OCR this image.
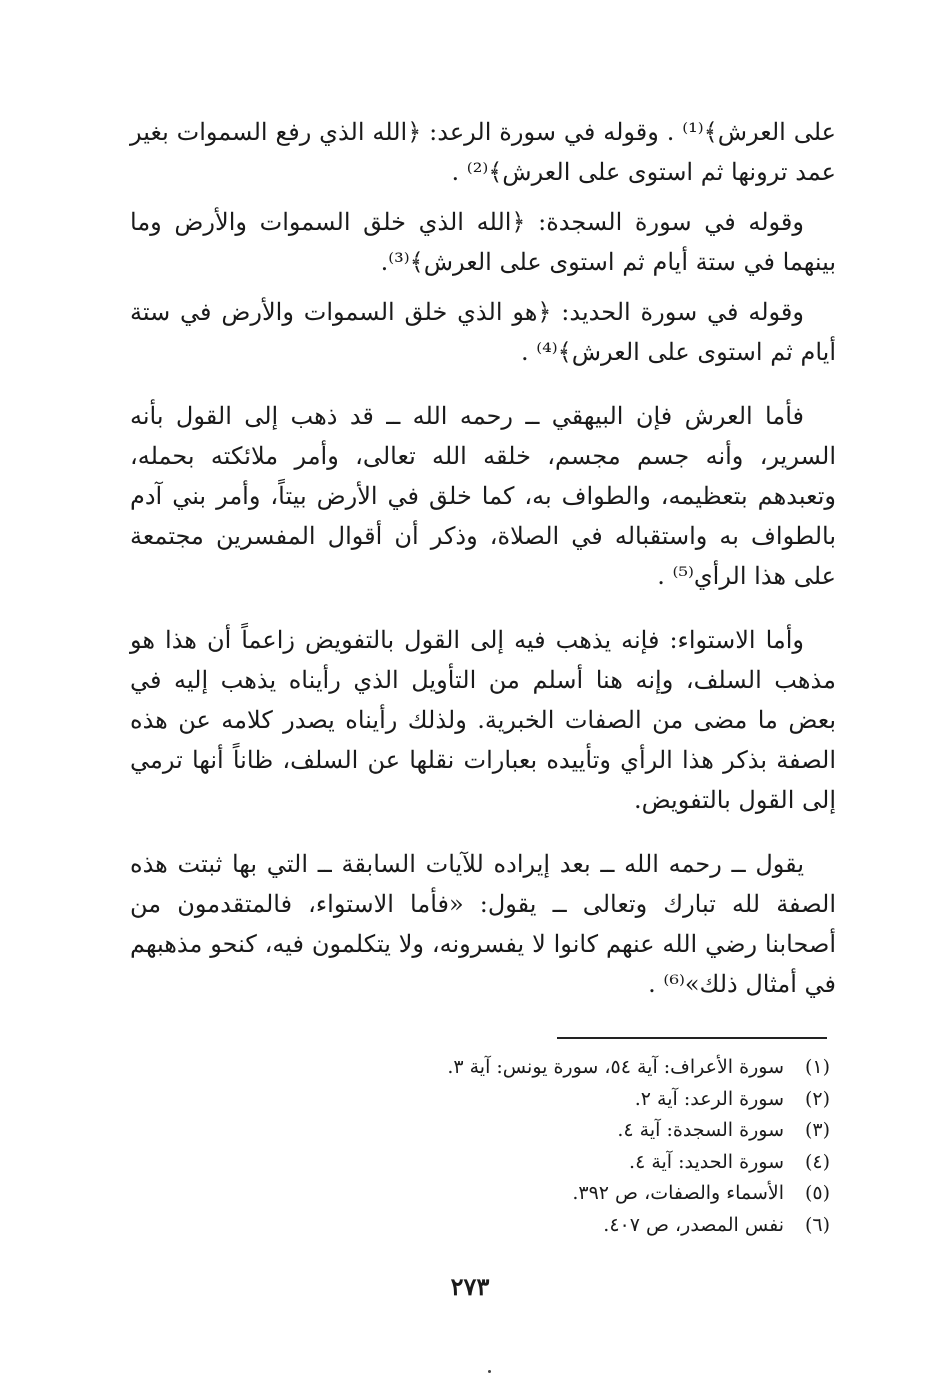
على العرش﴾⁽¹⁾ . وقوله في سورة الرعد: ﴿الله الذي رفع السموات بغير عمد ترونها ثم استوى على العرش﴾⁽²⁾ .

وقوله في سورة السجدة: ﴿الله الذي خلق السموات والأرض وما بينهما في ستة أيام ثم استوى على العرش﴾⁽³⁾.

وقوله في سورة الحديد: ﴿هو الذي خلق السموات والأرض في ستة أيام ثم استوى على العرش﴾⁽⁴⁾ .

فأما العرش فإن البيهقي ــ رحمه الله ــ قد ذهب إلى القول بأنه السرير، وأنه جسم مجسم، خلقه الله تعالى، وأمر ملائكته بحمله، وتعبدهم بتعظيمه، والطواف به، كما خلق في الأرض بيتاً، وأمر بني آدم بالطواف به واستقباله في الصلاة، وذكر أن أقوال المفسرين مجتمعة على هذا الرأي⁽⁵⁾ .

وأما الاستواء: فإنه يذهب فيه إلى القول بالتفويض زاعماً أن هذا هو مذهب السلف، وإنه هنا أسلم من التأويل الذي رأيناه يذهب إليه في بعض ما مضى من الصفات الخبرية. ولذلك رأيناه يصدر كلامه عن هذه الصفة بذكر هذا الرأي وتأييده بعبارات نقلها عن السلف، ظاناً أنها ترمي إلى القول بالتفويض.

يقول ــ رحمه الله ــ بعد إيراده للآيات السابقة ــ التي بها ثبتت هذه الصفة لله تبارك وتعالى ــ يقول: «فأما الاستواء، فالمتقدمون من أصحابنا رضي الله عنهم كانوا لا يفسرونه، ولا يتكلمون فيه، كنحو مذهبهم في أمثال ذلك»⁽⁶⁾ .

(١)
سورة الأعراف: آية ٥٤، سورة يونس: آية ٣.
(٢)
سورة الرعد: آية ٢.
(٣)
سورة السجدة: آية ٤.
(٤)
سورة الحديد: آية ٤.
(٥)
الأسماء والصفات، ص ٣٩٢.
(٦)
نفس المصدر، ص ٤٠٧.
٢٧٣
